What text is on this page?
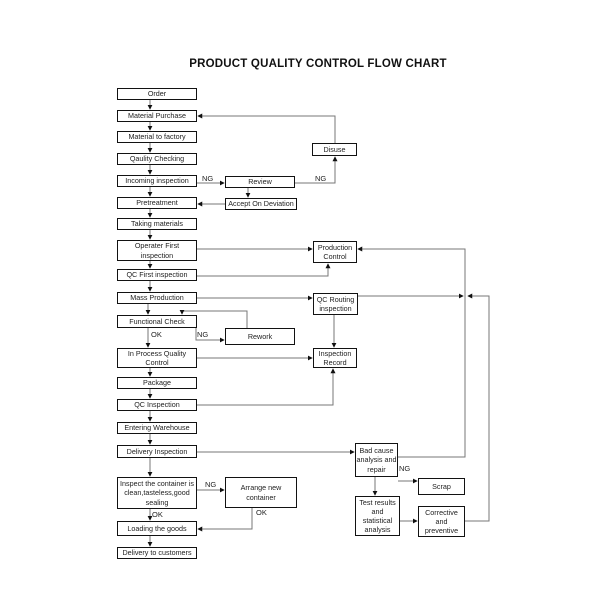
PRODUCT QUALITY CONTROL FLOW CHART
Order
Material Purchase
Material to factory
Qaulity Checking
Incoming inspection
Pretreatment
Taking materials
Operater First inspection
QC First inspection
Mass Production
Functional Check
In Process Quality Control
Package
QC Inspection
Entering Warehouse
Delivery Inspection
Inspect the container is clean,tasteless,good sealing
Loading the goods
Delivery to customers
Review
Accept On Deviation
Disuse
Rework
Arrange new container
Production Control
QC Routing inspection
Inspection Record
Bad cause analysis and repair
Scrap
Test results and statistical analysis
Corrective and preventive
NG	NG
OK	NG
NG
OK	OK
NG
